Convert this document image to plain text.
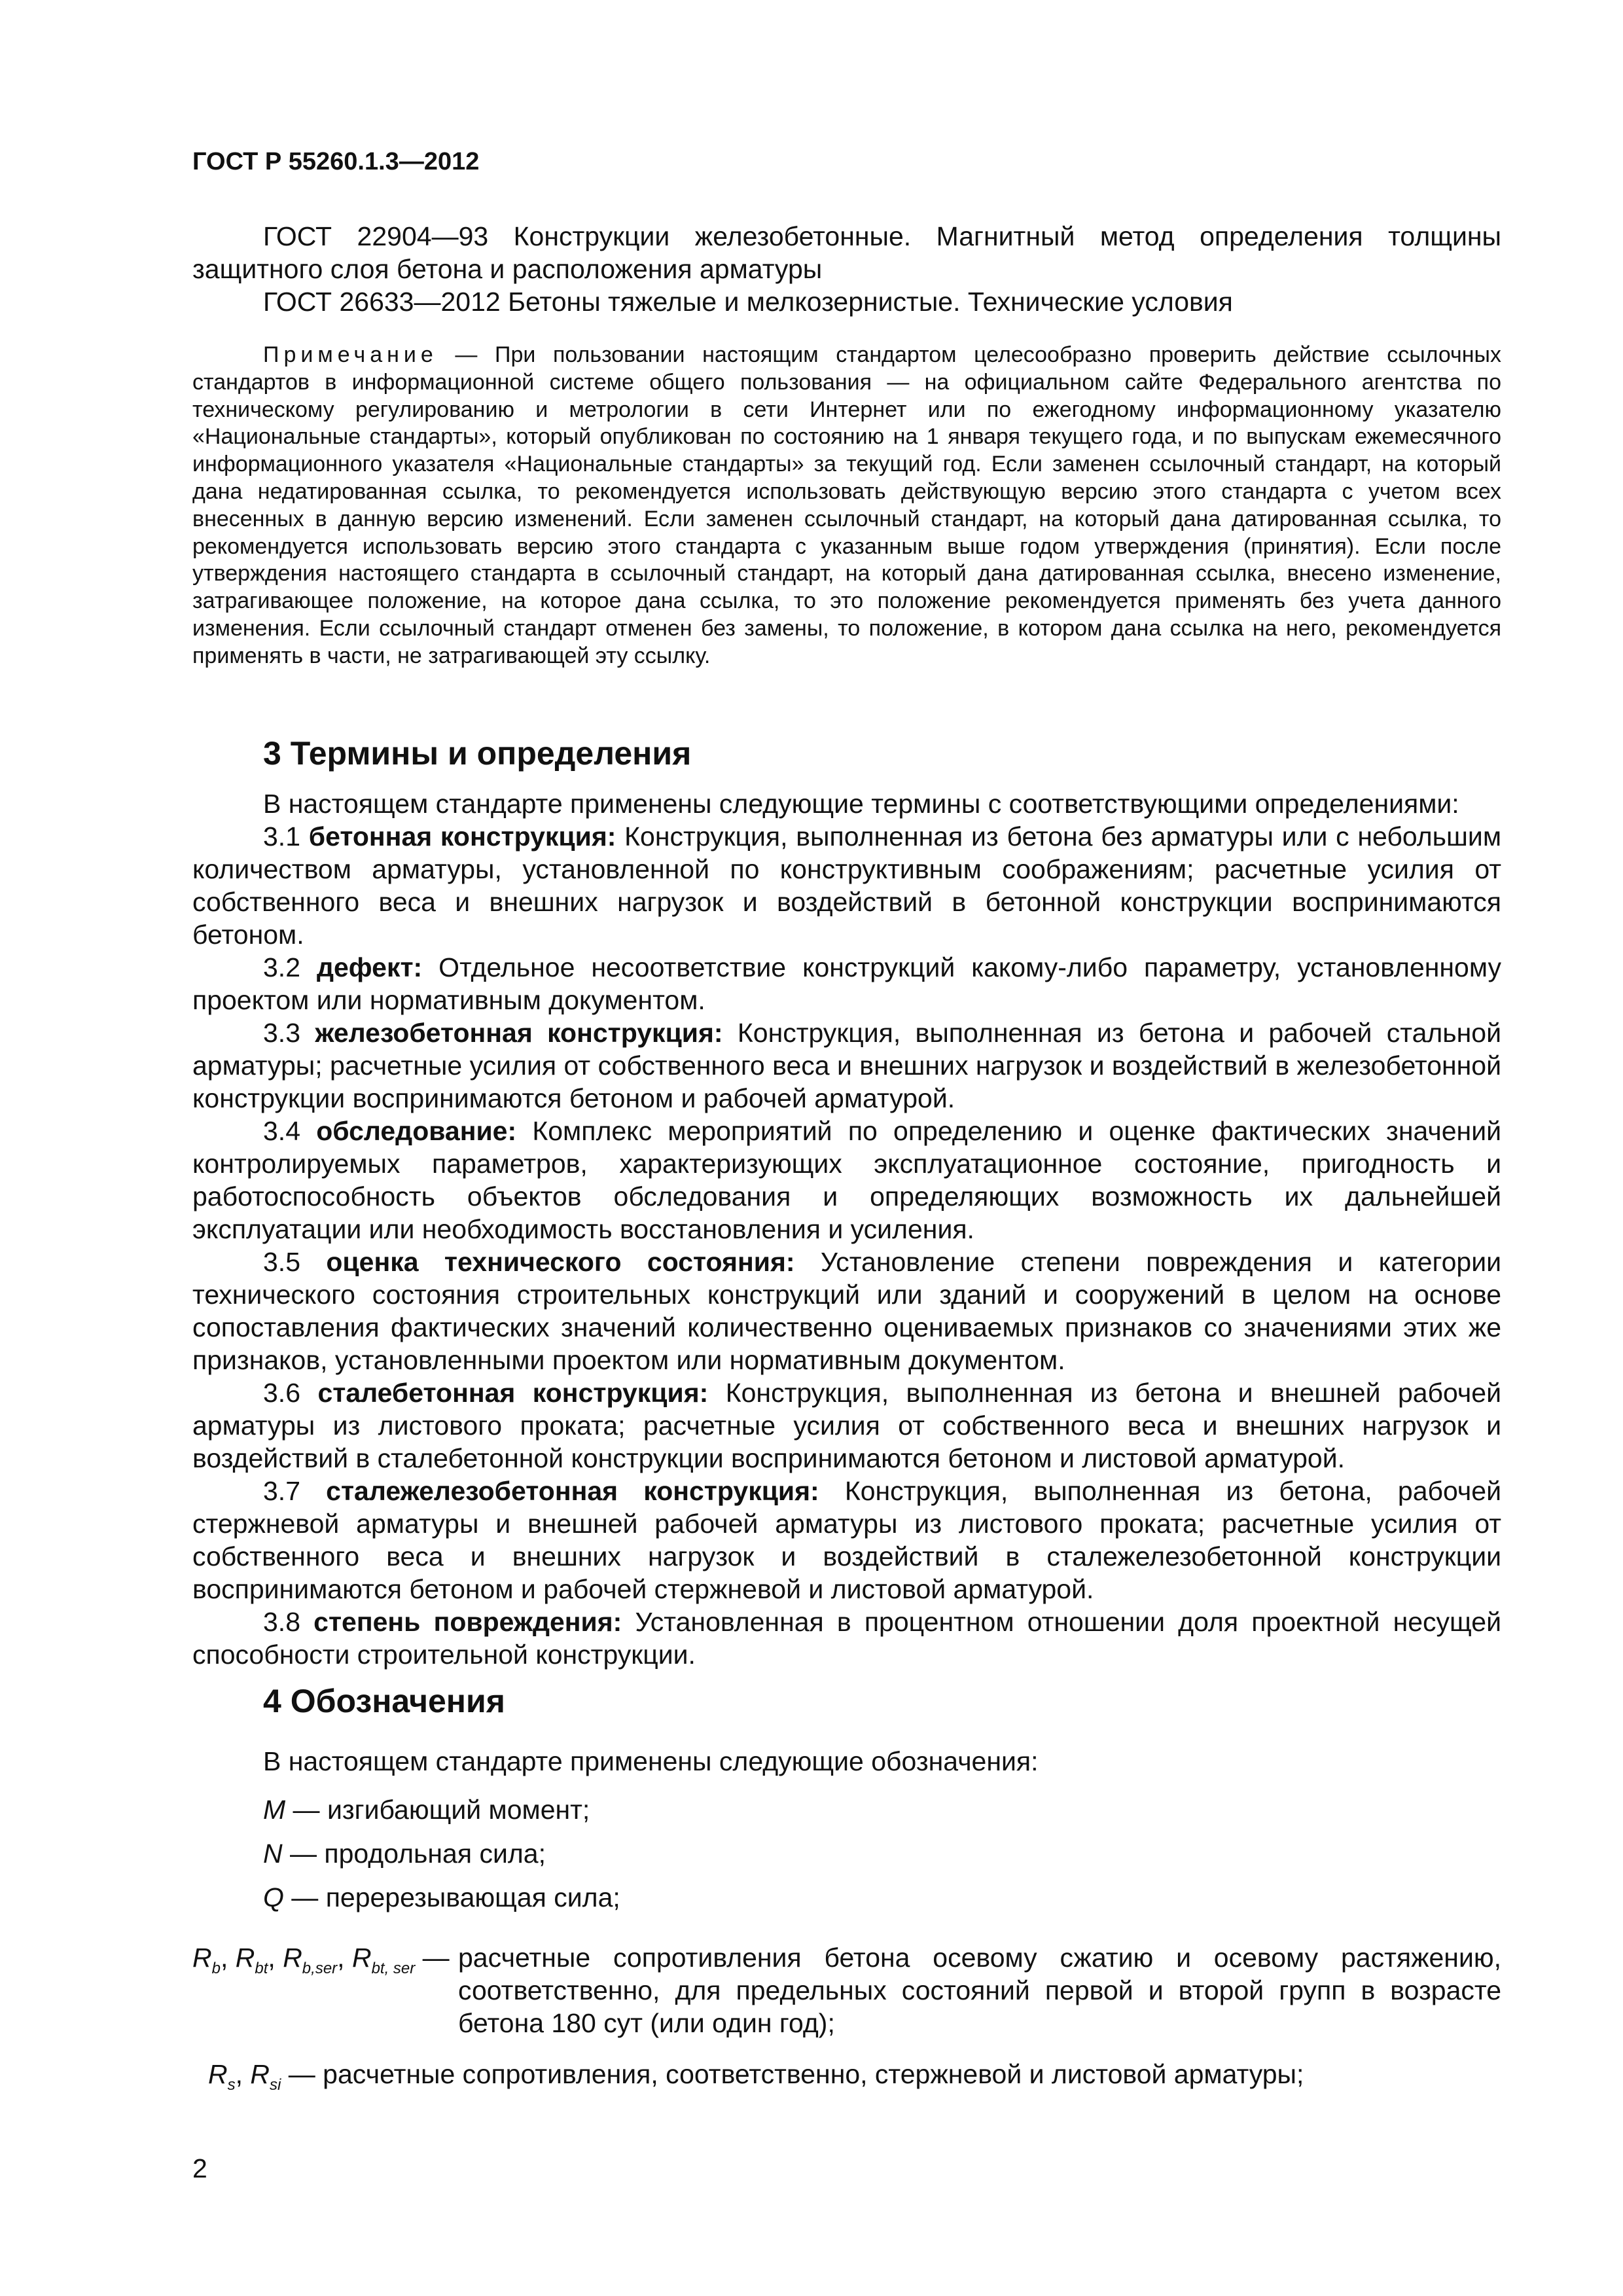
ГОСТ Р 55260.1.3—2012

ГОСТ 22904—93 Конструкции железобетонные. Магнитный метод определения толщины защитного слоя бетона и расположения арматуры

ГОСТ 26633—2012 Бетоны тяжелые и мелкозернистые. Технические условия

Примечание — При пользовании настоящим стандартом целесообразно проверить действие ссылочных стандартов в информационной системе общего пользования — на официальном сайте Федерального агентства по техническому регулированию и метрологии в сети Интернет или по ежегодному информационному указателю «Национальные стандарты», который опубликован по состоянию на 1 января текущего года, и по выпускам ежемесячного информационного указателя «Национальные стандарты» за текущий год. Если заменен ссылочный стандарт, на который дана недатированная ссылка, то рекомендуется использовать действующую версию этого стандарта с учетом всех внесенных в данную версию изменений. Если заменен ссылочный стандарт, на который дана датированная ссылка, то рекомендуется использовать версию этого стандарта с указанным выше годом утверждения (принятия). Если после утверждения настоящего стандарта в ссылочный стандарт, на который дана датированная ссылка, внесено изменение, затрагивающее положение, на которое дана ссылка, то это положение рекомендуется применять без учета данного изменения. Если ссылочный стандарт отменен без замены, то положение, в котором дана ссылка на него, рекомендуется применять в части, не затрагивающей эту ссылку.

3 Термины и определения

В настоящем стандарте применены следующие термины с соответствующими определениями:

3.1 бетонная конструкция: Конструкция, выполненная из бетона без арматуры или с небольшим количеством арматуры, установленной по конструктивным соображениям; расчетные усилия от собственного веса и внешних нагрузок и воздействий в бетонной конструкции воспринимаются бетоном.

3.2 дефект: Отдельное несоответствие конструкций какому-либо параметру, установленному проектом или нормативным документом.

3.3 железобетонная конструкция: Конструкция, выполненная из бетона и рабочей стальной арматуры; расчетные усилия от собственного веса и внешних нагрузок и воздействий в железобетонной конструкции воспринимаются бетоном и рабочей арматурой.

3.4 обследование: Комплекс мероприятий по определению и оценке фактических значений контролируемых параметров, характеризующих эксплуатационное состояние, пригодность и работоспособность объектов обследования и определяющих возможность их дальнейшей эксплуатации или необходимость восстановления и усиления.

3.5 оценка технического состояния: Установление степени повреждения и категории технического состояния строительных конструкций или зданий и сооружений в целом на основе сопоставления фактических значений количественно оцениваемых признаков со значениями этих же признаков, установленными проектом или нормативным документом.

3.6 сталебетонная конструкция: Конструкция, выполненная из бетона и внешней рабочей арматуры из листового проката; расчетные усилия от собственного веса и внешних нагрузок и воздействий в сталебетонной конструкции воспринимаются бетоном и листовой арматурой.

3.7 сталежелезобетонная конструкция: Конструкция, выполненная из бетона, рабочей стержневой арматуры и внешней рабочей арматуры из листового проката; расчетные усилия от собственного веса и внешних нагрузок и воздействий в сталежелезобетонной конструкции воспринимаются бетоном и рабочей стержневой и листовой арматурой.

3.8 степень повреждения: Установленная в процентном отношении доля проектной несущей способности строительной конструкции.

4 Обозначения

В настоящем стандарте применены следующие обозначения:

M — изгибающий момент;
N — продольная сила;
Q — перерезывающая сила;
$R_b$, $R_{bt}$, $R_{b,ser}$, $R_{bt, ser}$ — расчетные сопротивления бетона осевому сжатию и осевому растяжению, соответственно, для предельных состояний первой и второй групп в возрасте бетона 180 сут (или один год);
$R_s$, $R_{si}$ — расчетные сопротивления, соответственно, стержневой и листовой арматуры;
2
